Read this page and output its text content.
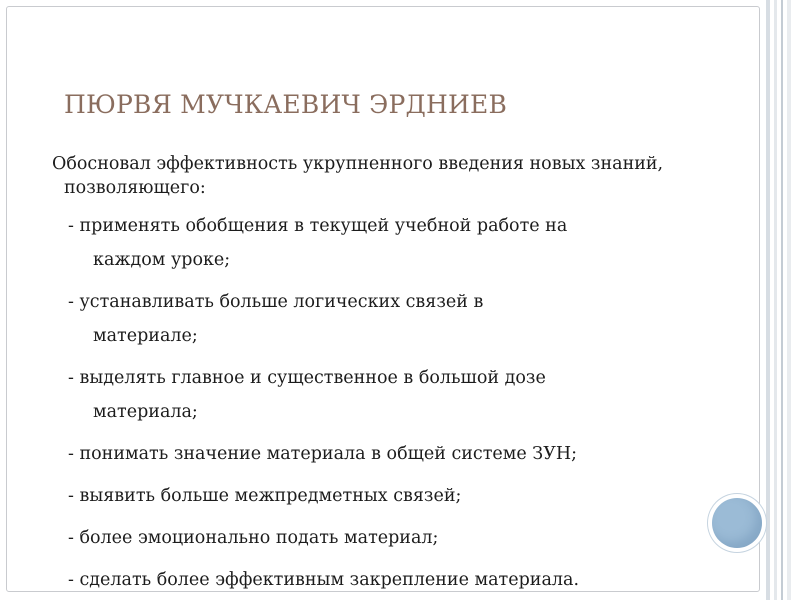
ПЮРВЯ МУЧКАЕВИЧ ЭРДНИЕВ

Обосновал эффективность укрупненного введения новых знаний, позволяющего:

- применять обобщения в текущей учебной работе на
каждом уроке;
- устанавливать больше логических связей в
материале;
- выделять главное и существенное в большой дозе
материала;
- понимать значение материала в общей системе ЗУН;
- выявить больше межпредметных связей;
- более эмоционально подать материал;
- сделать более эффективным закрепление материала.
